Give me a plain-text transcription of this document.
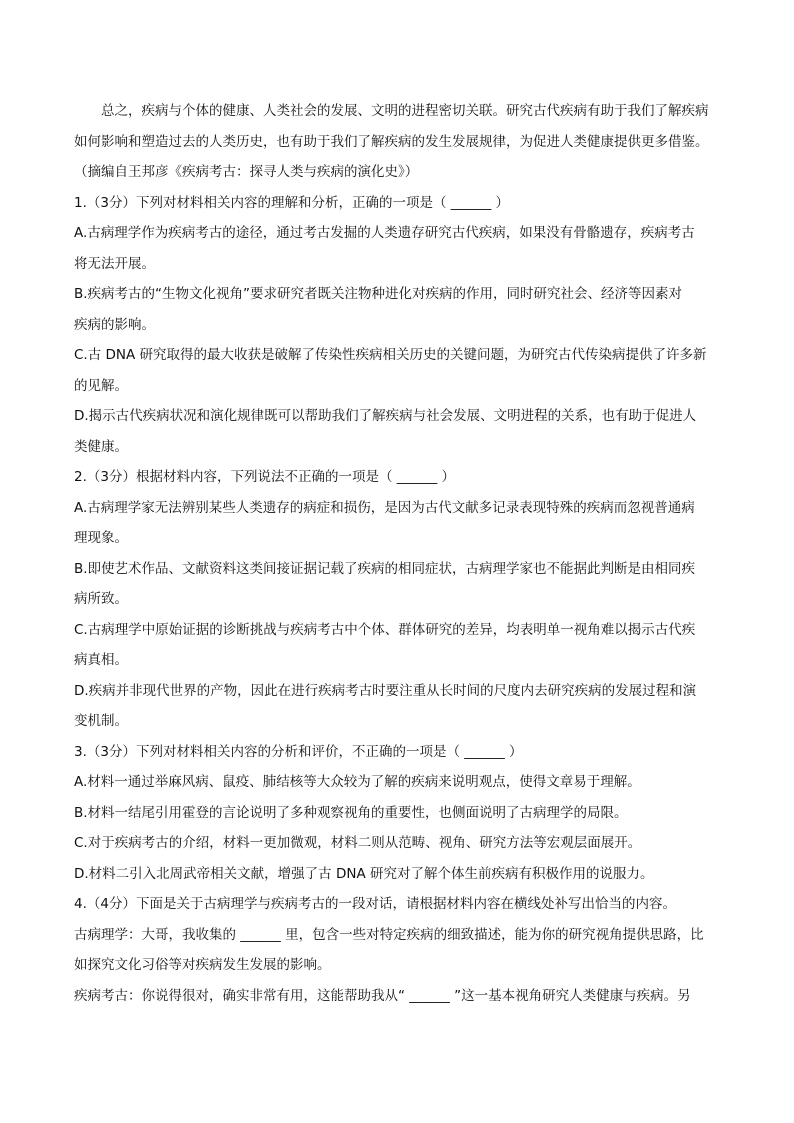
总之，疾病与个体的健康、人类社会的发展、文明的进程密切关联。研究古代疾病有助于我们了解疾病

如何影响和塑造过去的人类历史，也有助于我们了解疾病的发生发展规律，为促进人类健康提供更多借鉴。

（摘编自王邦彦《疾病考古：探寻人类与疾病的演化史》）

1.（3分）下列对材料相关内容的理解和分析，正确的一项是（ ______ ）

A.古病理学作为疾病考古的途径，通过考古发掘的人类遗存研究古代疾病，如果没有骨骼遗存，疾病考古

将无法开展。

B.疾病考古的“生物文化视角”要求研究者既关注物种进化对疾病的作用，同时研究社会、经济等因素对

疾病的影响。

C.古 DNA 研究取得的最大收获是破解了传染性疾病相关历史的关键问题，为研究古代传染病提供了许多新

的见解。

D.揭示古代疾病状况和演化规律既可以帮助我们了解疾病与社会发展、文明进程的关系，也有助于促进人

类健康。

2.（3分）根据材料内容，下列说法不正确的一项是（ ______ ）

A.古病理学家无法辨别某些人类遗存的病症和损伤，是因为古代文献多记录表现特殊的疾病而忽视普通病

理现象。

B.即使艺术作品、文献资料这类间接证据记载了疾病的相同症状，古病理学家也不能据此判断是由相同疾

病所致。

C.古病理学中原始证据的诊断挑战与疾病考古中个体、群体研究的差异，均表明单一视角难以揭示古代疾

病真相。

D.疾病并非现代世界的产物，因此在进行疾病考古时要注重从长时间的尺度内去研究疾病的发展过程和演

变机制。

3.（3分）下列对材料相关内容的分析和评价，不正确的一项是（ ______ ）

A.材料一通过举麻风病、鼠疫、肺结核等大众较为了解的疾病来说明观点，使得文章易于理解。

B.材料一结尾引用霍登的言论说明了多种观察视角的重要性，也侧面说明了古病理学的局限。

C.对于疾病考古的介绍，材料一更加微观，材料二则从范畴、视角、研究方法等宏观层面展开。

D.材料二引入北周武帝相关文献，增强了古 DNA 研究对了解个体生前疾病有积极作用的说服力。

4.（4分）下面是关于古病理学与疾病考古的一段对话，请根据材料内容在横线处补写出恰当的内容。

古病理学：大哥，我收集的 ______ 里，包含一些对特定疾病的细致描述，能为你的研究视角提供思路，比

如探究文化习俗等对疾病发生发展的影响。

疾病考古：你说得很对，确实非常有用，这能帮助我从“ ______ ”这一基本视角研究人类健康与疾病。另
